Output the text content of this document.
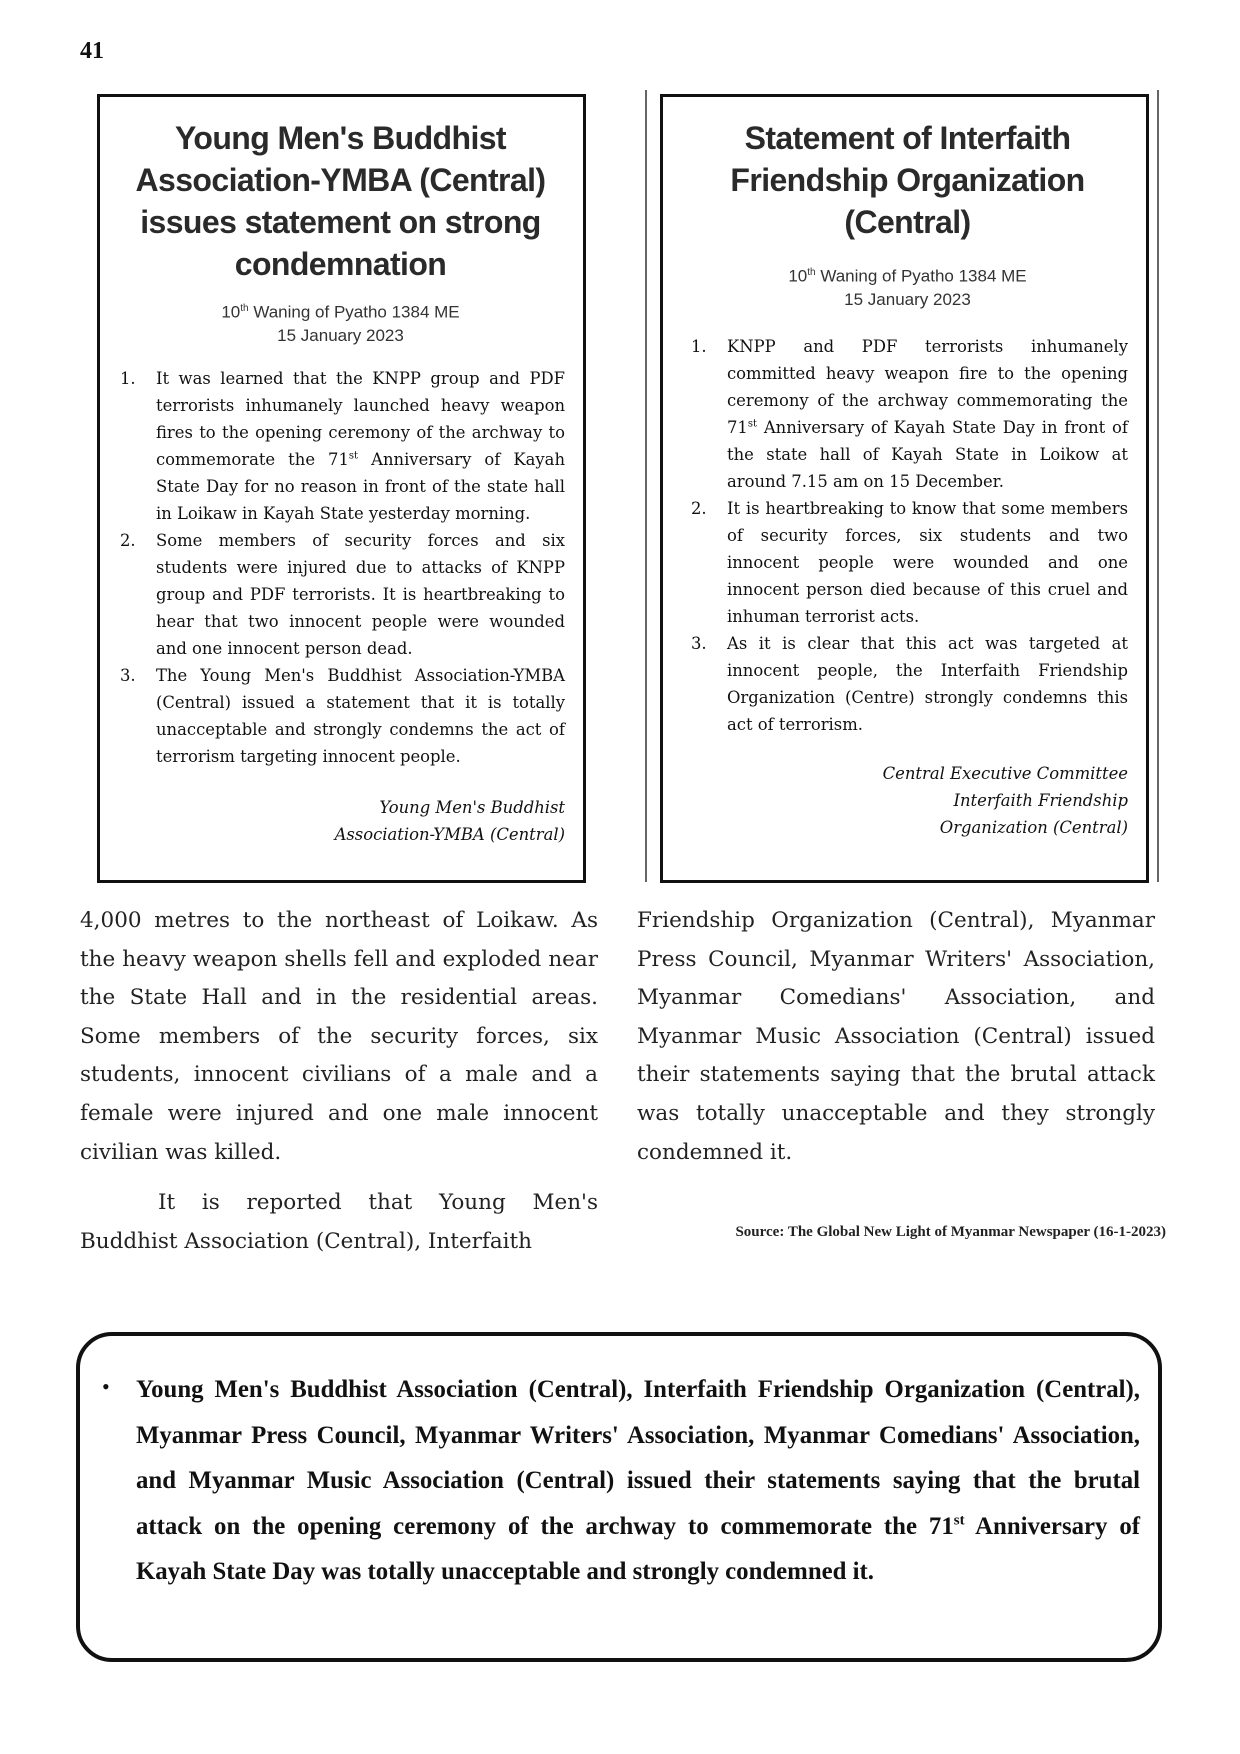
41
Young Men's Buddhist Association-YMBA (Central) issues statement on strong condemnation
10th Waning of Pyatho 1384 ME
15 January 2023
1. It was learned that the KNPP group and PDF terrorists inhumanely launched heavy weapon fires to the opening ceremony of the archway to commemorate the 71st Anniversary of Kayah State Day for no reason in front of the state hall in Loikaw in Kayah State yesterday morning.
2. Some members of security forces and six students were injured due to attacks of KNPP group and PDF terrorists. It is heartbreaking to hear that two innocent people were wounded and one innocent person dead.
3. The Young Men's Buddhist Association-YMBA (Central) issued a statement that it is totally unacceptable and strongly condemns the act of terrorism targeting innocent people.
Young Men's Buddhist
Association-YMBA (Central)
Statement of Interfaith Friendship Organization (Central)
10th Waning of Pyatho 1384 ME
15 January 2023
1. KNPP and PDF terrorists inhumanely committed heavy weapon fire to the opening ceremony of the archway commemorating the 71st Anniversary of Kayah State Day in front of the state hall of Kayah State in Loikow at around 7.15 am on 15 December.
2. It is heartbreaking to know that some members of security forces, six students and two innocent people were wounded and one innocent person died because of this cruel and inhuman terrorist acts.
3. As it is clear that this act was targeted at innocent people, the Interfaith Friendship Organization (Centre) strongly condemns this act of terrorism.
Central Executive Committee
Interfaith Friendship
Organization (Central)

4,000 metres to the northeast of Loikaw. As the heavy weapon shells fell and exploded near the State Hall and in the residential areas. Some members of the security forces, six students, innocent civilians of a male and a female were injured and one male innocent civilian was killed.

It is reported that Young Men's Buddhist Association (Central), Interfaith

Friendship Organization (Central), Myanmar Press Council, Myanmar Writers' Association, Myanmar Comedians' Association, and Myanmar Music Association (Central) issued their statements saying that the brutal attack was totally unacceptable and they strongly condemned it.

Source: The Global New Light of Myanmar Newspaper (16-1-2023)
• Young Men's Buddhist Association (Central), Interfaith Friendship Organization (Central), Myanmar Press Council, Myanmar Writers' Association, Myanmar Comedians' Association, and Myanmar Music Association (Central) issued their statements saying that the brutal attack on the opening ceremony of the archway to commemorate the 71st Anniversary of Kayah State Day was totally unacceptable and strongly condemned it.
